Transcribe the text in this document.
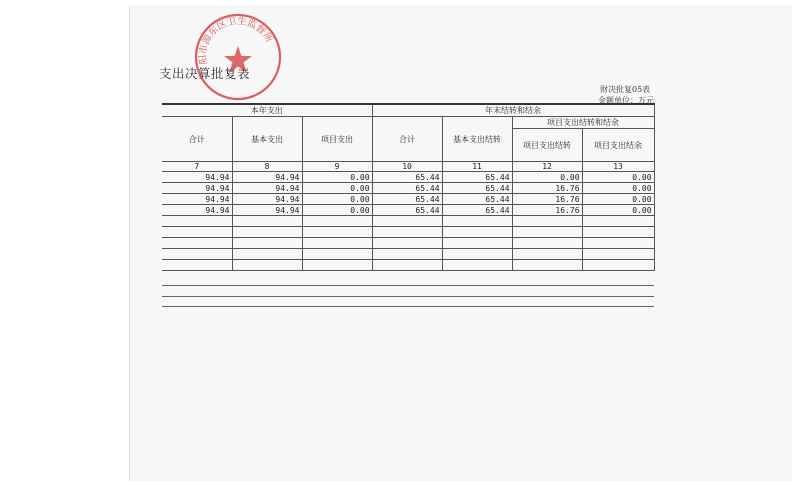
支出决算批复表
财决批复05表
金额单位：万元
本年支出			年末结转和结余			
合计	基本支出	项目支出	合计	基本支出结转	项目支出结转和结余	
					项目支出结转	项目支出结余
7	8	9	10	11	12	13
94.94	94.94	0.00	65.44	65.44	0.00	0.00
94.94	94.94	0.00	65.44	65.44	16.76	0.00
94.94	94.94	0.00	65.44	65.44	16.76	0.00
94.94	94.94	0.00	65.44	65.44	16.76	0.00

阳市源东区卫生监督所
